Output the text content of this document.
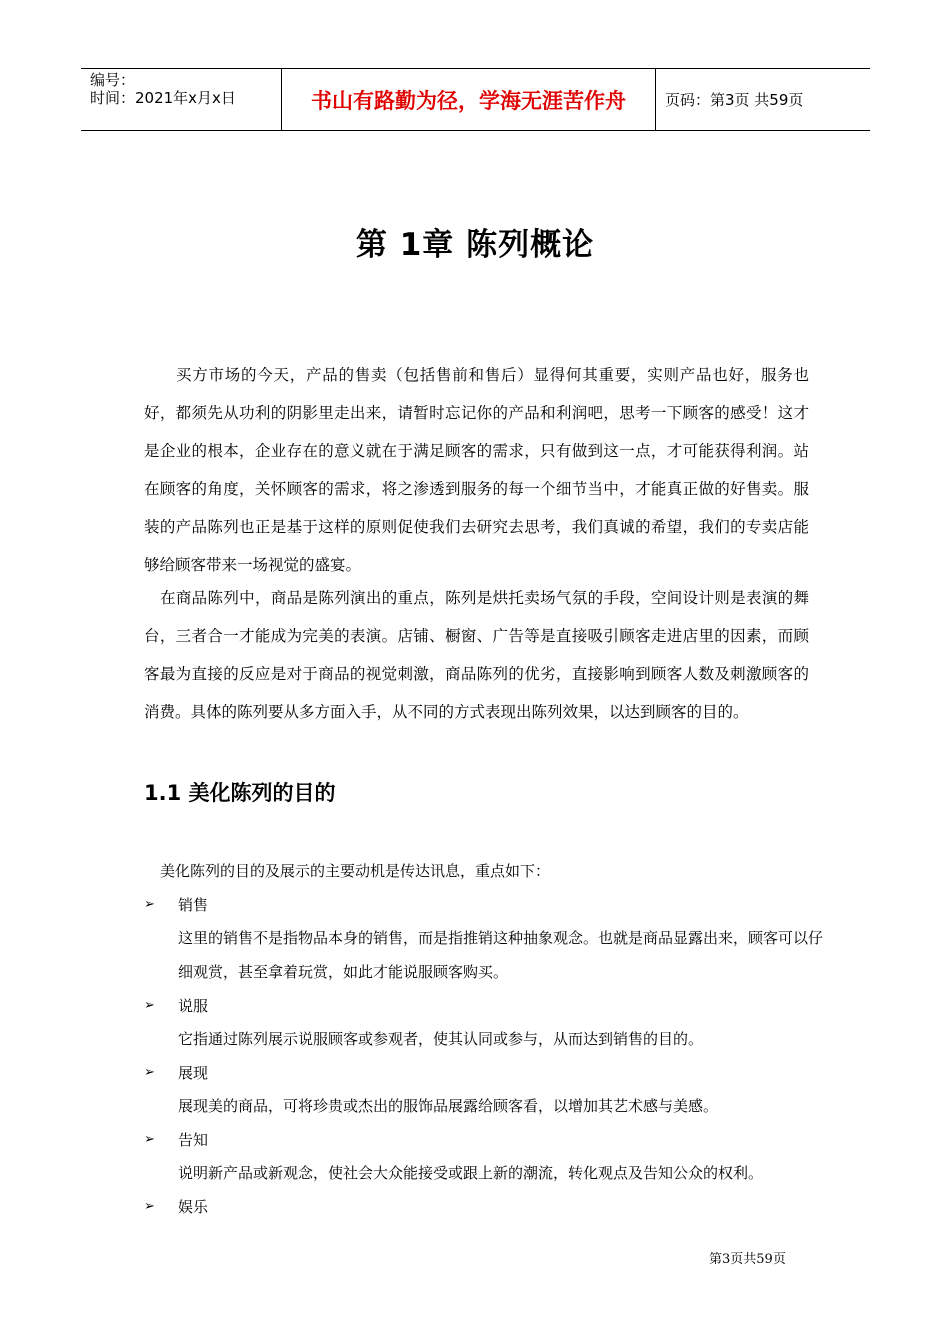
编号：
时间：2021年x月x日	书山有路勤为径，学海无涯苦作舟	页码：第3页 共59页
第 1章 陈列概论

买方市场的今天，产品的售卖（包括售前和售后）显得何其重要，实则产品也好，服务也好，都须先从功利的阴影里走出来，请暂时忘记你的产品和利润吧，思考一下顾客的感受！这才是企业的根本，企业存在的意义就在于满足顾客的需求，只有做到这一点，才可能获得利润。站在顾客的角度，关怀顾客的需求，将之渗透到服务的每一个细节当中，才能真正做的好售卖。服装的产品陈列也正是基于这样的原则促使我们去研究去思考，我们真诚的希望，我们的专卖店能够给顾客带来一场视觉的盛宴。

在商品陈列中，商品是陈列演出的重点，陈列是烘托卖场气氛的手段，空间设计则是表演的舞台，三者合一才能成为完美的表演。店铺、橱窗、广告等是直接吸引顾客走进店里的因素，而顾客最为直接的反应是对于商品的视觉刺激，商品陈列的优劣，直接影响到顾客人数及刺激顾客的消费。具体的陈列要从多方面入手，从不同的方式表现出陈列效果，以达到顾客的目的。

1.1 美化陈列的目的
美化陈列的目的及展示的主要动机是传达讯息，重点如下：
➢	销售
这里的销售不是指物品本身的销售，而是指推销这种抽象观念。也就是商品显露出来，顾客可以仔细观赏，甚至拿着玩赏，如此才能说服顾客购买。
➢	说服
它指通过陈列展示说服顾客或参观者，使其认同或参与，从而达到销售的目的。
➢	展现
展现美的商品，可将珍贵或杰出的服饰品展露给顾客看，以增加其艺术感与美感。
➢	告知
说明新产品或新观念，使社会大众能接受或跟上新的潮流，转化观点及告知公众的权利。
➢	娱乐
第3页共59页
